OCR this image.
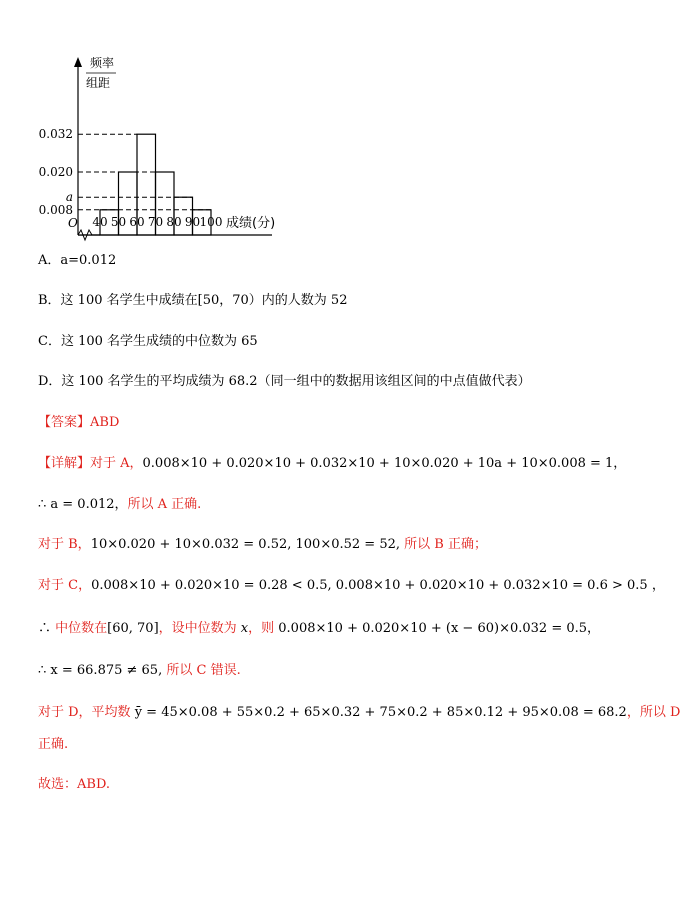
频率
组距
O
0.032
0.020
a
0.008
40 50 60 70 80 90 100 成绩(分)
A．a=0.012
B．这 100 名学生中成绩在[50，70）内的人数为 52
C．这 100 名学生成绩的中位数为 65
D．这 100 名学生的平均成绩为 68.2（同一组中的数据用该组区间的中点值做代表）
【答案】ABD
【详解】对于 A，0.008×10 + 0.020×10 + 0.032×10 + 10×0.020 + 10a + 10×0.008 = 1，
∴ a = 0.012，所以 A 正确.
对于 B，10×0.020 + 10×0.032 = 0.52, 100×0.52 = 52, 所以 B 正确；
对于 C，0.008×10 + 0.020×10 = 0.28 < 0.5, 0.008×10 + 0.020×10 + 0.032×10 = 0.6 > 0.5 ，
∴ 中位数在[60, 70]，设中位数为 x，则 0.008×10 + 0.020×10 + (x − 60)×0.032 = 0.5，
∴ x = 66.875 ≠ 65, 所以 C 错误.
对于 D，平均数 ȳ = 45×0.08 + 55×0.2 + 65×0.32 + 75×0.2 + 85×0.12 + 95×0.08 = 68.2，所以 D
正确.
故选：ABD.
